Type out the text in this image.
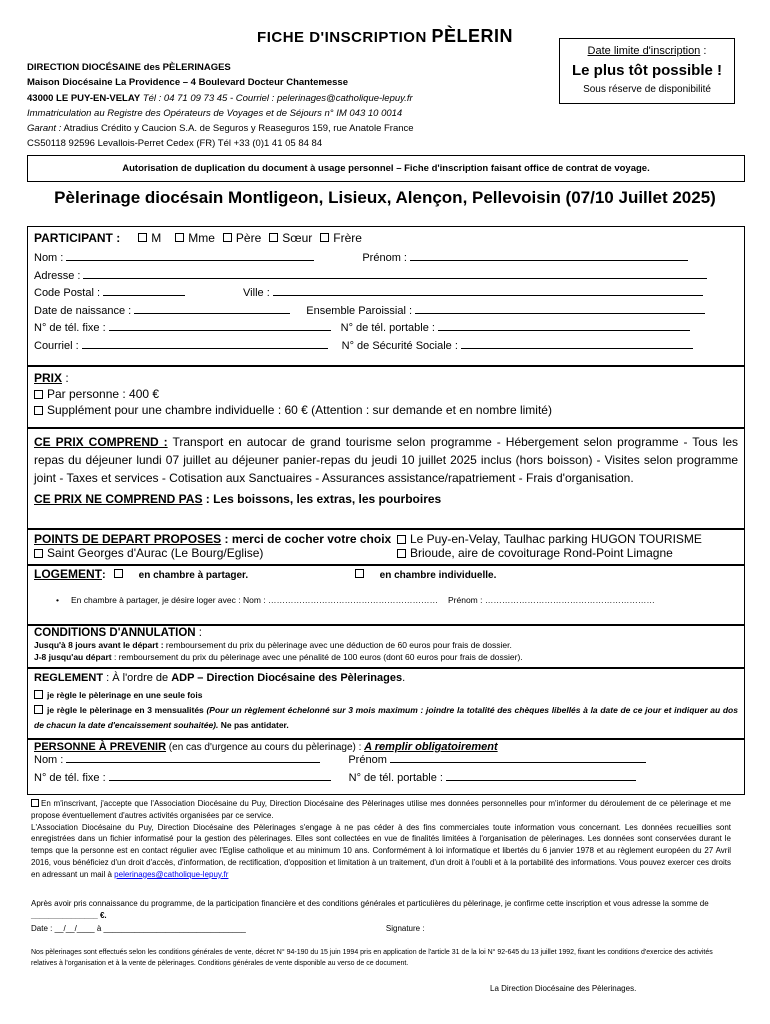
FICHE D'INSCRIPTION PÈLERIN
DIRECTION DIOCÉSAINE des PÈLERINAGES
Maison Diocésaine La Providence – 4 Boulevard Docteur Chantemesse
43000 LE PUY-EN-VELAY Tél : 04 71 09 73 45 - Courriel : pelerinages@catholique-lepuy.fr
Immatriculation au Registre des Opérateurs de Voyages et de Séjours n° IM 043 10 0014
Garant : Atradius Crédito y Caucion S.A. de Seguros y Reaseguros 159, rue Anatole France
CS50118 92596 Levallois-Perret Cedex (FR) Tél +33 (0)1 41 05 84 84
Date limite d'inscription :
Le plus tôt possible !
Sous réserve de disponibilité
Autorisation de duplication du document à usage personnel – Fiche d'inscription faisant office de contrat de voyage.
Pèlerinage diocésain Montligeon, Lisieux, Alençon, Pellevoisin (07/10 Juillet 2025)
PARTICIPANT :	M Mme Père Sœur Frère
Nom :	Prénom :
Adresse :
Code Postal :	Ville :
Date de naissance :	Ensemble Paroissial :
N° de tél. fixe :	N° de tél. portable :
Courriel :	N° de Sécurité Sociale :
PRIX :
Par personne : 400 €
Supplément pour une chambre individuelle : 60 € (Attention : sur demande et en nombre limité)
CE PRIX COMPREND : Transport en autocar de grand tourisme selon programme - Hébergement selon programme - Tous les repas du déjeuner lundi 07 juillet au déjeuner panier-repas du jeudi 10 juillet 2025 inclus (hors boisson) - Visites selon programme joint - Taxes et services - Cotisation aux Sanctuaires - Assurances assistance/rapatriement - Frais d'organisation.
CE PRIX NE COMPREND PAS : Les boissons, les extras, les pourboires
POINTS DE DEPART PROPOSES : merci de cocher votre choix	Le Puy-en-Velay, Taulhac parking HUGON TOURISME
Saint Georges d'Aurac (Le Bourg/Eglise)	Brioude, aire de covoiturage Rond-Point Limagne
LOGEMENT :	en chambre à partager.	en chambre individuelle.
• En chambre à partager, je désire loger avec : Nom : …………………………………………………… Prénom : ……………………………………………………
CONDITIONS D'ANNULATION :
Jusqu'à 8 jours avant le départ : remboursement du prix du pèlerinage avec une déduction de 60 euros pour frais de dossier.
J-8 jusqu'au départ : remboursement du prix du pèlerinage avec une pénalité de 100 euros (dont 60 euros pour frais de dossier).
REGLEMENT : À l'ordre de ADP – Direction Diocésaine des Pèlerinages.
je règle le pèlerinage en une seule fois
je règle le pèlerinage en 3 mensualités (Pour un règlement échelonné sur 3 mois maximum : joindre la totalité des chèques libellés à la date de ce jour et indiquer au dos de chacun la date d'encaissement souhaitée). Ne pas antidater.
PERSONNE À PREVENIR (en cas d'urgence au cours du pèlerinage) : A remplir obligatoirement
Nom :	Prénom
N° de tél. fixe :	N° de tél. portable :

En m'inscrivant, j'accepte que l'Association Diocésaine du Puy, Direction Diocésaine des Pèlerinages utilise mes données personnelles pour m'informer du déroulement de ce pèlerinage et me propose éventuellement d'autres activités organisées par ce service.

L'Association Diocésaine du Puy, Direction Diocésaine des Pèlerinages s'engage à ne pas céder à des fins commerciales toute information vous concernant. Les données recueillies sont enregistrées dans un fichier informatisé pour la gestion des pèlerinages. Elles sont collectées en vue de finalités limitées à l'organisation de pèlerinages. Les données sont conservées durant le temps que la personne est en contact régulier avec l'Eglise catholique et au minimum 10 ans. Conformément à loi informatique et libertés du 6 janvier 1978 et au règlement européen du 27 Avril 2016, vous bénéficiez d'un droit d'accès, d'information, de rectification, d'opposition et limitation à un traitement, d'un droit à l'oubli et à la portabilité des informations. Vous pouvez exercer ces droits en adressant un mail à pelerinages@catholique-lepuy.fr

Après avoir pris connaissance du programme, de la participation financière et des conditions générales et particulières du pèlerinage, je confirme cette inscription et vous adresse la somme de _______________ €.

Date : __/__/____ à ________________________________	Signature :

Nos pèlerinages sont effectués selon les conditions générales de vente, décret N° 94-190 du 15 juin 1994 pris en application de l'article 31 de la loi N° 92-645 du 13 juillet 1992, fixant les conditions d'exercice des activités relatives à l'organisation et à la vente de pèlerinages. Conditions générales de vente disponible au verso de ce document.
La Direction Diocésaine des Pèlerinages.
